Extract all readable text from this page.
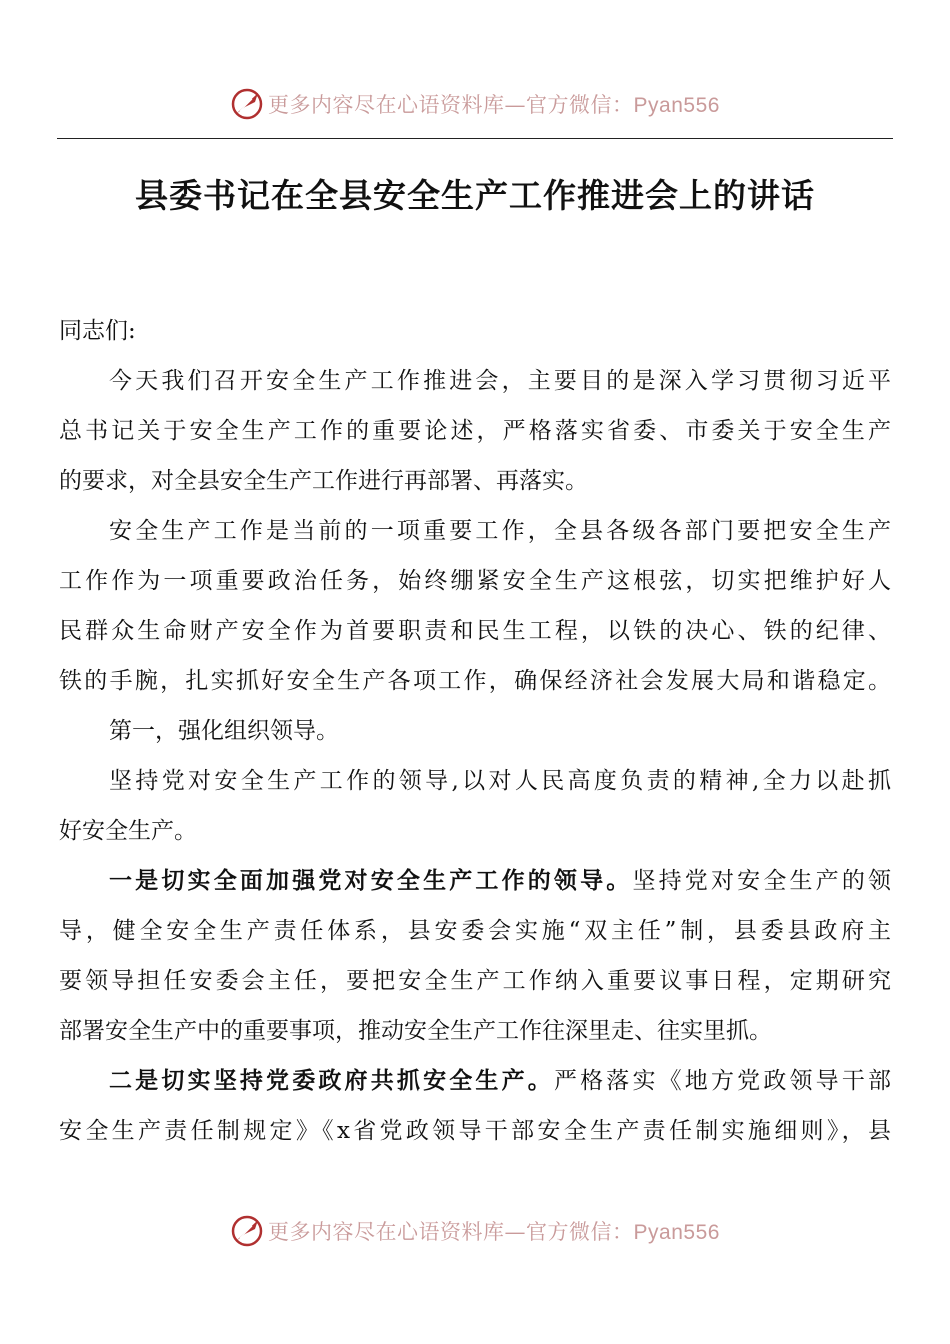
更多内容尽在心语资料库—官方微信：Pyan556
县委书记在全县安全生产工作推进会上的讲话
同志们:
今天我们召开安全生产工作推进会，主要目的是深入学习贯彻习近平
总书记关于安全生产工作的重要论述，严格落实省委、市委关于安全生产
的要求，对全县安全生产工作进行再部署、再落实。
安全生产工作是当前的一项重要工作，全县各级各部门要把安全生产
工作作为一项重要政治任务，始终绷紧安全生产这根弦，切实把维护好人
民群众生命财产安全作为首要职责和民生工程，以铁的决心、铁的纪律、
铁的手腕，扎实抓好安全生产各项工作，确保经济社会发展大局和谐稳定。
第一，强化组织领导。
坚持党对安全生产工作的领导,以对人民高度负责的精神,全力以赴抓
好安全生产。
一是切实全面加强党对安全生产工作的领导。坚持党对安全生产的领
导，健全安全生产责任体系，县安委会实施“双主任”制，县委县政府主
要领导担任安委会主任，要把安全生产工作纳入重要议事日程，定期研究
部署安全生产中的重要事项，推动安全生产工作往深里走、往实里抓。
二是切实坚持党委政府共抓安全生产。严格落实《地方党政领导干部
安全生产责任制规定》《x省党政领导干部安全生产责任制实施细则》，县
更多内容尽在心语资料库—官方微信：Pyan556
